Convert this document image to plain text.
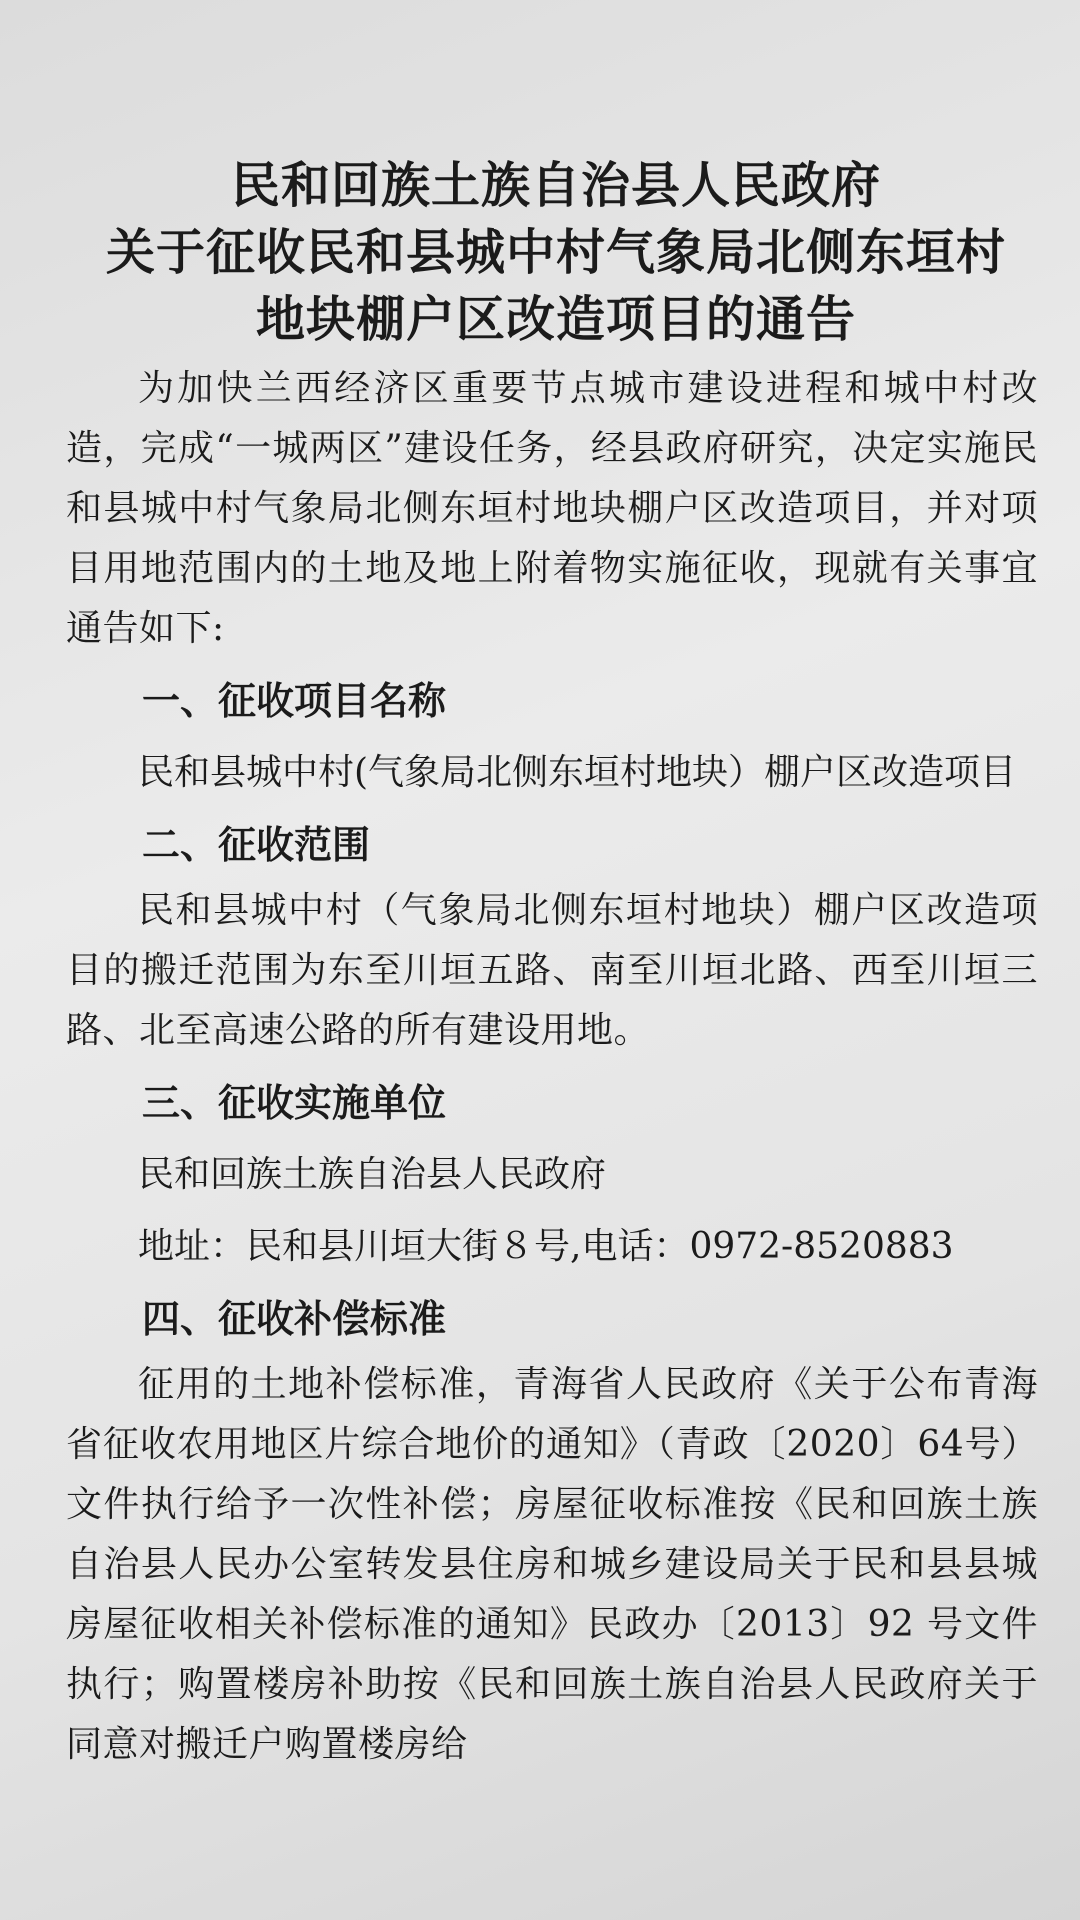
民和回族土族自治县人民政府
关于征收民和县城中村气象局北侧东垣村
地块棚户区改造项目的通告
为加快兰西经济区重要节点城市建设进程和城中村改造，完成“一城两区”建设任务，经县政府研究，决定实施民和县城中村气象局北侧东垣村地块棚户区改造项目，并对项目用地范围内的土地及地上附着物实施征收，现就有关事宜通告如下:
一、征收项目名称
民和县城中村(气象局北侧东垣村地块）棚户区改造项目
二、征收范围
民和县城中村（气象局北侧东垣村地块）棚户区改造项目的搬迁范围为东至川垣五路、南至川垣北路、西至川垣三路、北至高速公路的所有建设用地。
三、征收实施单位
民和回族土族自治县人民政府
地址：民和县川垣大街８号,电话：0972-8520883
四、征收补偿标准
征用的土地补偿标准，青海省人民政府《关于公布青海省征收农用地区片综合地价的通知》（青政〔2020〕64号）文件执行给予一次性补偿；房屋征收标准按《民和回族土族自治县人民办公室转发县住房和城乡建设局关于民和县县城房屋征收相关补偿标准的通知》民政办〔2013〕92 号文件执行；购置楼房补助按《民和回族土族自治县人民政府关于同意对搬迁户购置楼房给
